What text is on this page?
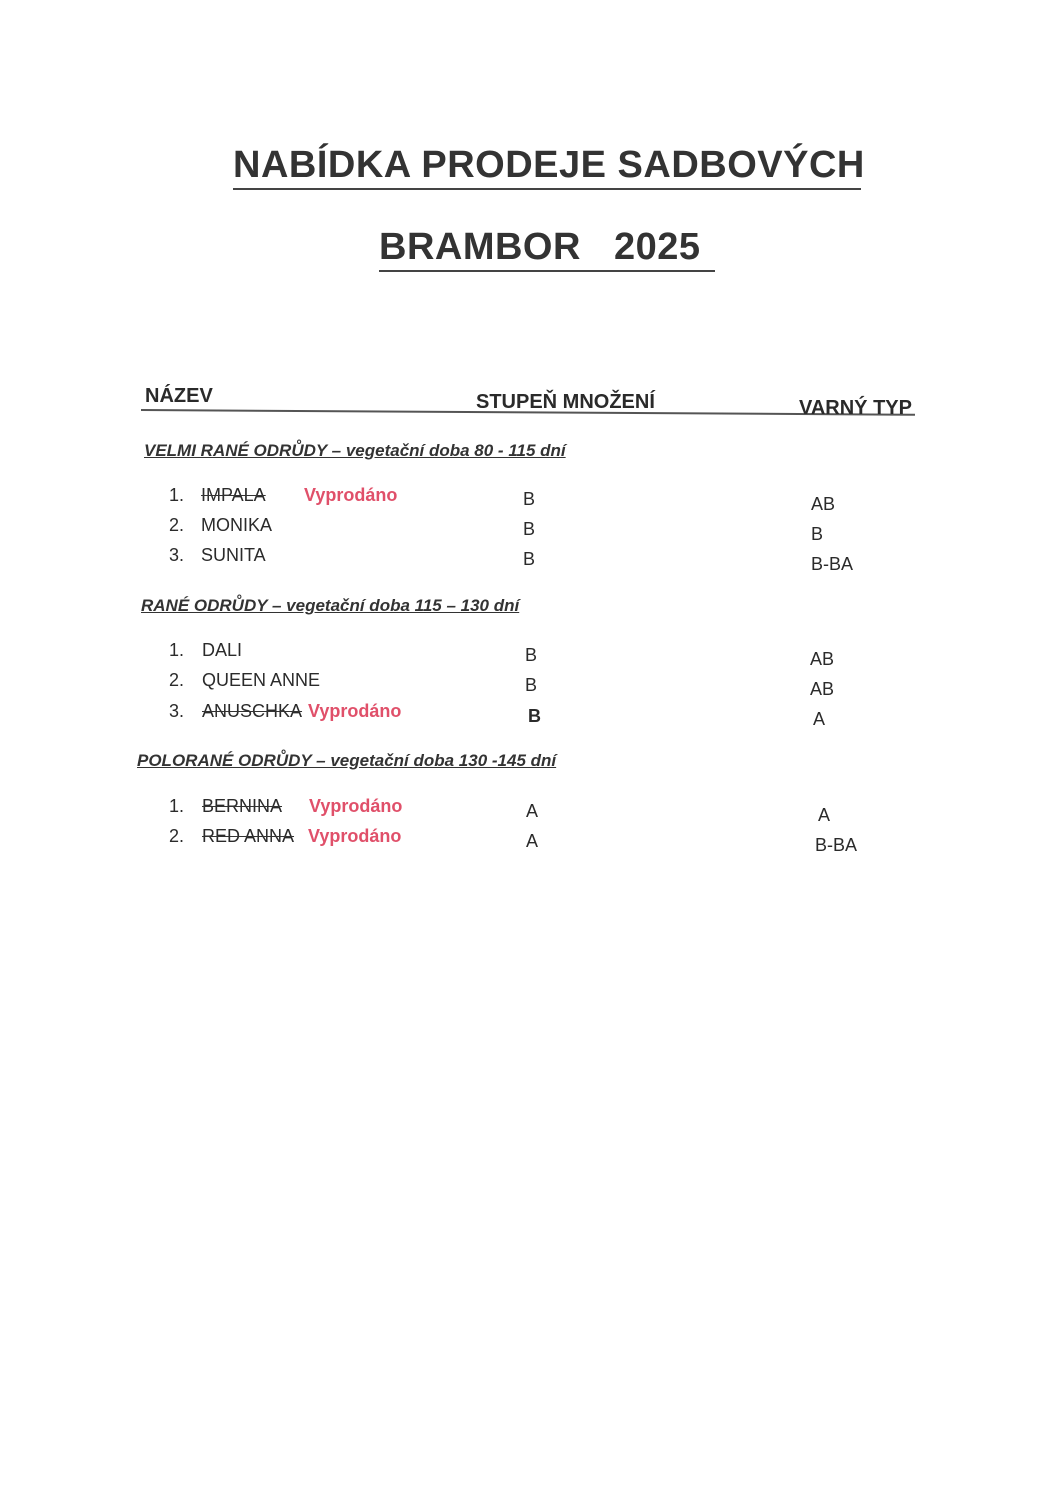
NABÍDKA PRODEJE SADBOVÝCH
BRAMBOR 2025
NÁZEV	STUPEŇ MNOŽENÍ	VARNÝ TYP
VELMI RANÉ ODRŮDY – vegetační doba 80 - 115 dní
1. IMPALA Vyprodáno	B	AB
2. MONIKA	B	B
3. SUNITA	B	B-BA
RANÉ ODRŮDY – vegetační doba 115 – 130 dní
1. DALI	B	AB
2. QUEEN ANNE	B	AB
3. ANUSCHKA Vyprodáno	B	A
POLORANÉ ODRŮDY – vegetační doba 130 -145 dní
1. BERNINA Vyprodáno	A	A
2. RED ANNA Vyprodáno	A	B-BA
